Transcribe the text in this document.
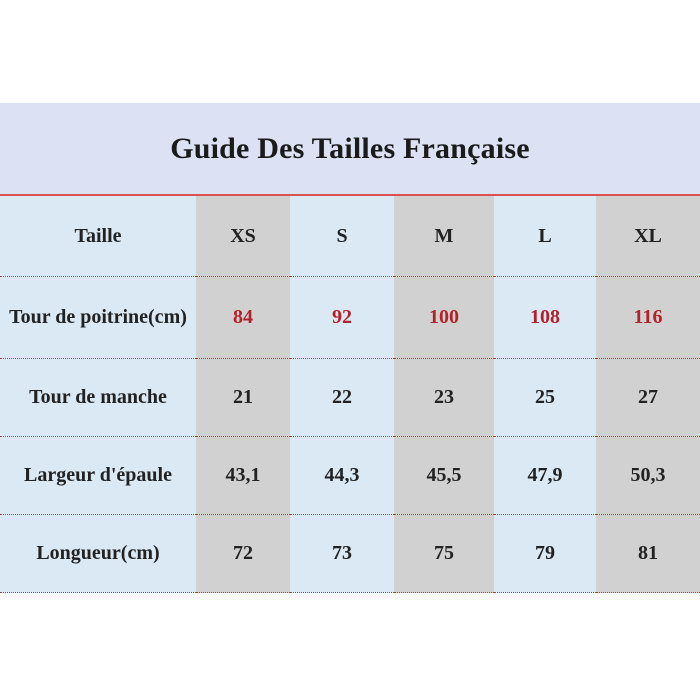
Guide Des Tailles Française
Taille	XS	S	M	L	XL
Tour de poitrine(cm)	84	92	100	108	116
Tour de manche	21	22	23	25	27
Largeur d'épaule	43,1	44,3	45,5	47,9	50,3
Longueur(cm)	72	73	75	79	81
